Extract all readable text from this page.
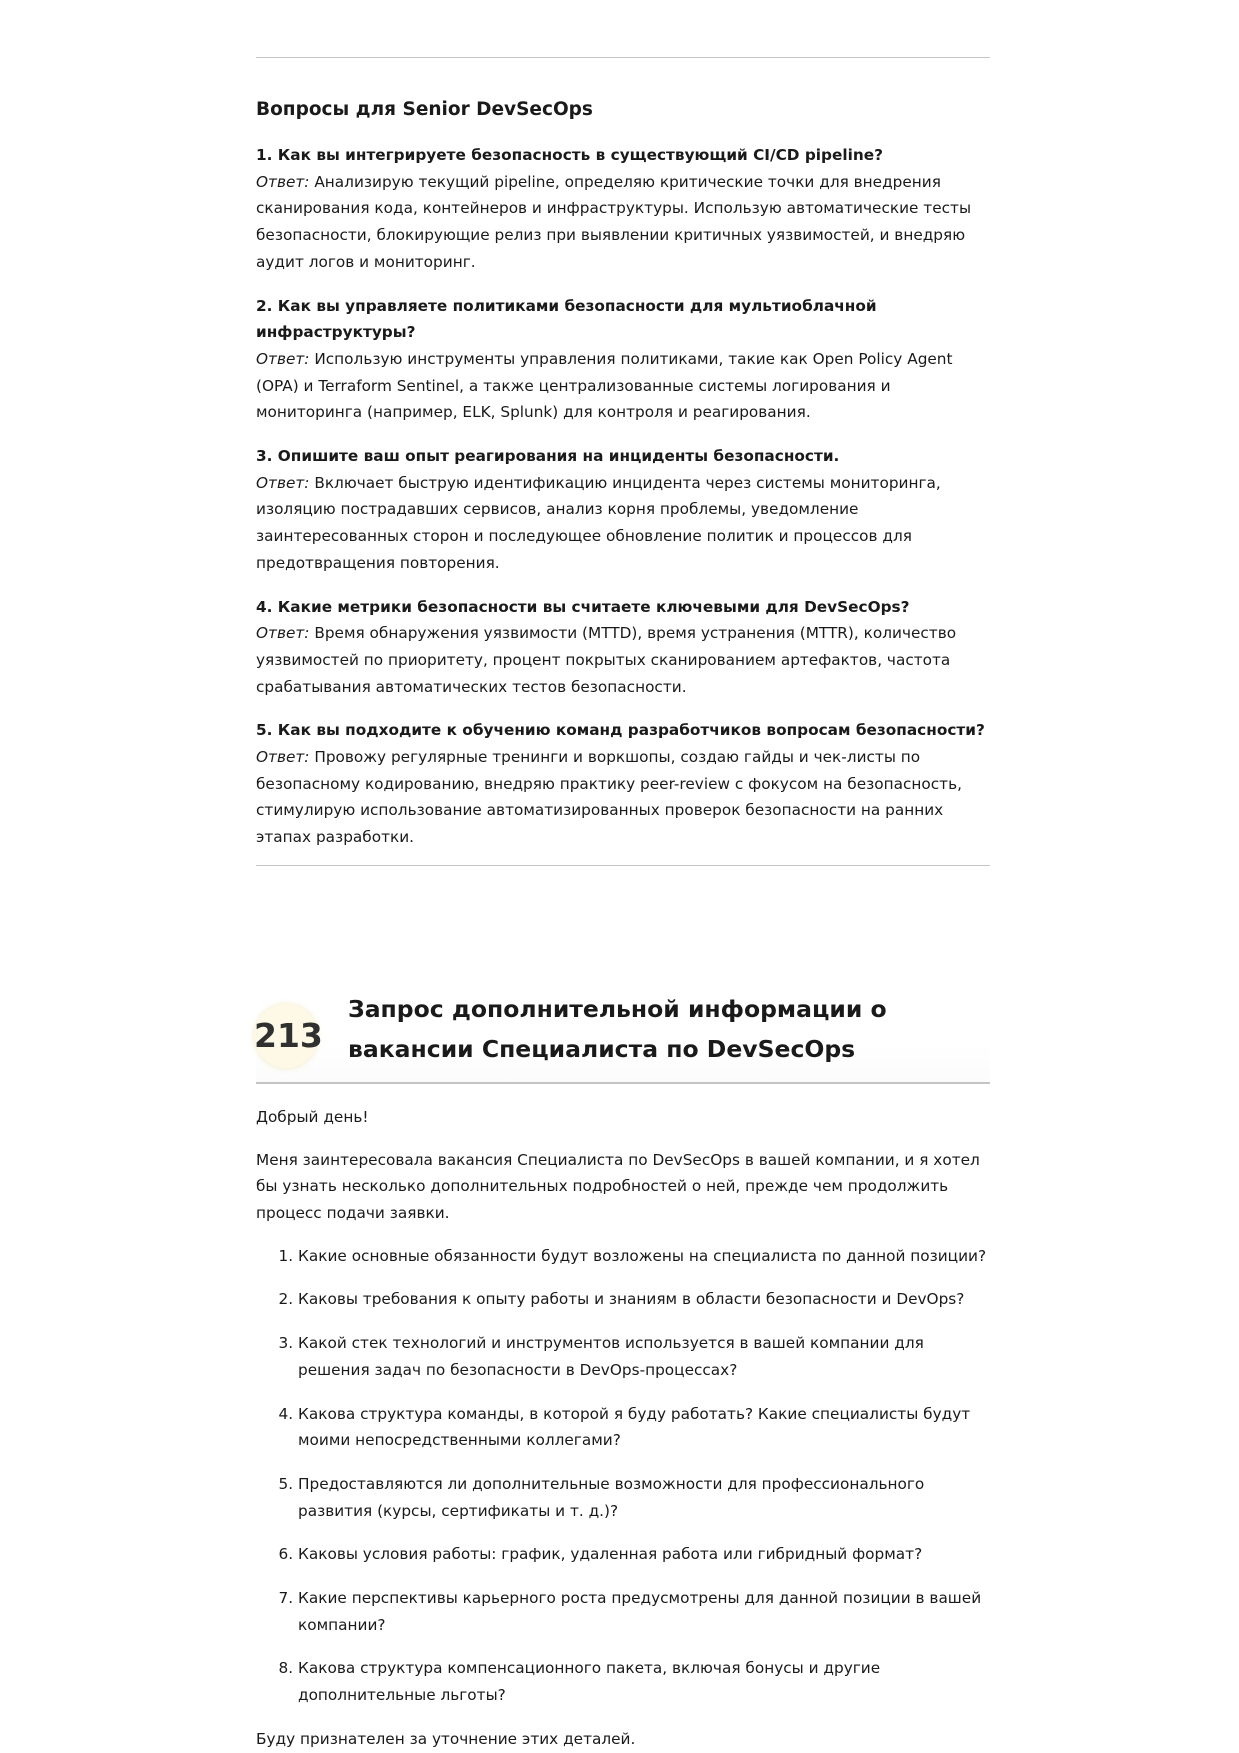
Вопросы для Senior DevSecOps

1. Как вы интегрируете безопасность в существующий CI/CD pipeline?
Ответ: Анализирую текущий pipeline, определяю критические точки для внедрения сканирования кода, контейнеров и инфраструктуры. Использую автоматические тесты безопасности, блокирующие релиз при выявлении критичных уязвимостей, и внедряю аудит логов и мониторинг.

2. Как вы управляете политиками безопасности для мультиоблачной инфраструктуры?
Ответ: Использую инструменты управления политиками, такие как Open Policy Agent (OPA) и Terraform Sentinel, а также централизованные системы логирования и мониторинга (например, ELK, Splunk) для контроля и реагирования.

3. Опишите ваш опыт реагирования на инциденты безопасности.
Ответ: Включает быструю идентификацию инцидента через системы мониторинга, изоляцию пострадавших сервисов, анализ корня проблемы, уведомление заинтересованных сторон и последующее обновление политик и процессов для предотвращения повторения.

4. Какие метрики безопасности вы считаете ключевыми для DevSecOps?
Ответ: Время обнаружения уязвимости (MTTD), время устранения (MTTR), количество уязвимостей по приоритету, процент покрытых сканированием артефактов, частота срабатывания автоматических тестов безопасности.

5. Как вы подходите к обучению команд разработчиков вопросам безопасности?
Ответ: Провожу регулярные тренинги и воркшопы, создаю гайды и чек-листы по безопасному кодированию, внедряю практику peer-review с фокусом на безопасность, стимулирую использование автоматизированных проверок безопасности на ранних этапах разработки.

213
Запрос дополнительной информации о вакансии Специалиста по DevSecOps

Добрый день!

Меня заинтересовала вакансия Специалиста по DevSecOps в вашей компании, и я хотел бы узнать несколько дополнительных подробностей о ней, прежде чем продолжить процесс подачи заявки.

1. Какие основные обязанности будут возложены на специалиста по данной позиции?
2. Каковы требования к опыту работы и знаниям в области безопасности и DevOps?
3. Какой стек технологий и инструментов используется в вашей компании для решения задач по безопасности в DevOps-процессах?
4. Какова структура команды, в которой я буду работать? Какие специалисты будут моими непосредственными коллегами?
5. Предоставляются ли дополнительные возможности для профессионального развития (курсы, сертификаты и т. д.)?
6. Каковы условия работы: график, удаленная работа или гибридный формат?
7. Какие перспективы карьерного роста предусмотрены для данной позиции в вашей компании?
8. Какова структура компенсационного пакета, включая бонусы и другие дополнительные льготы?

Буду признателен за уточнение этих деталей.
